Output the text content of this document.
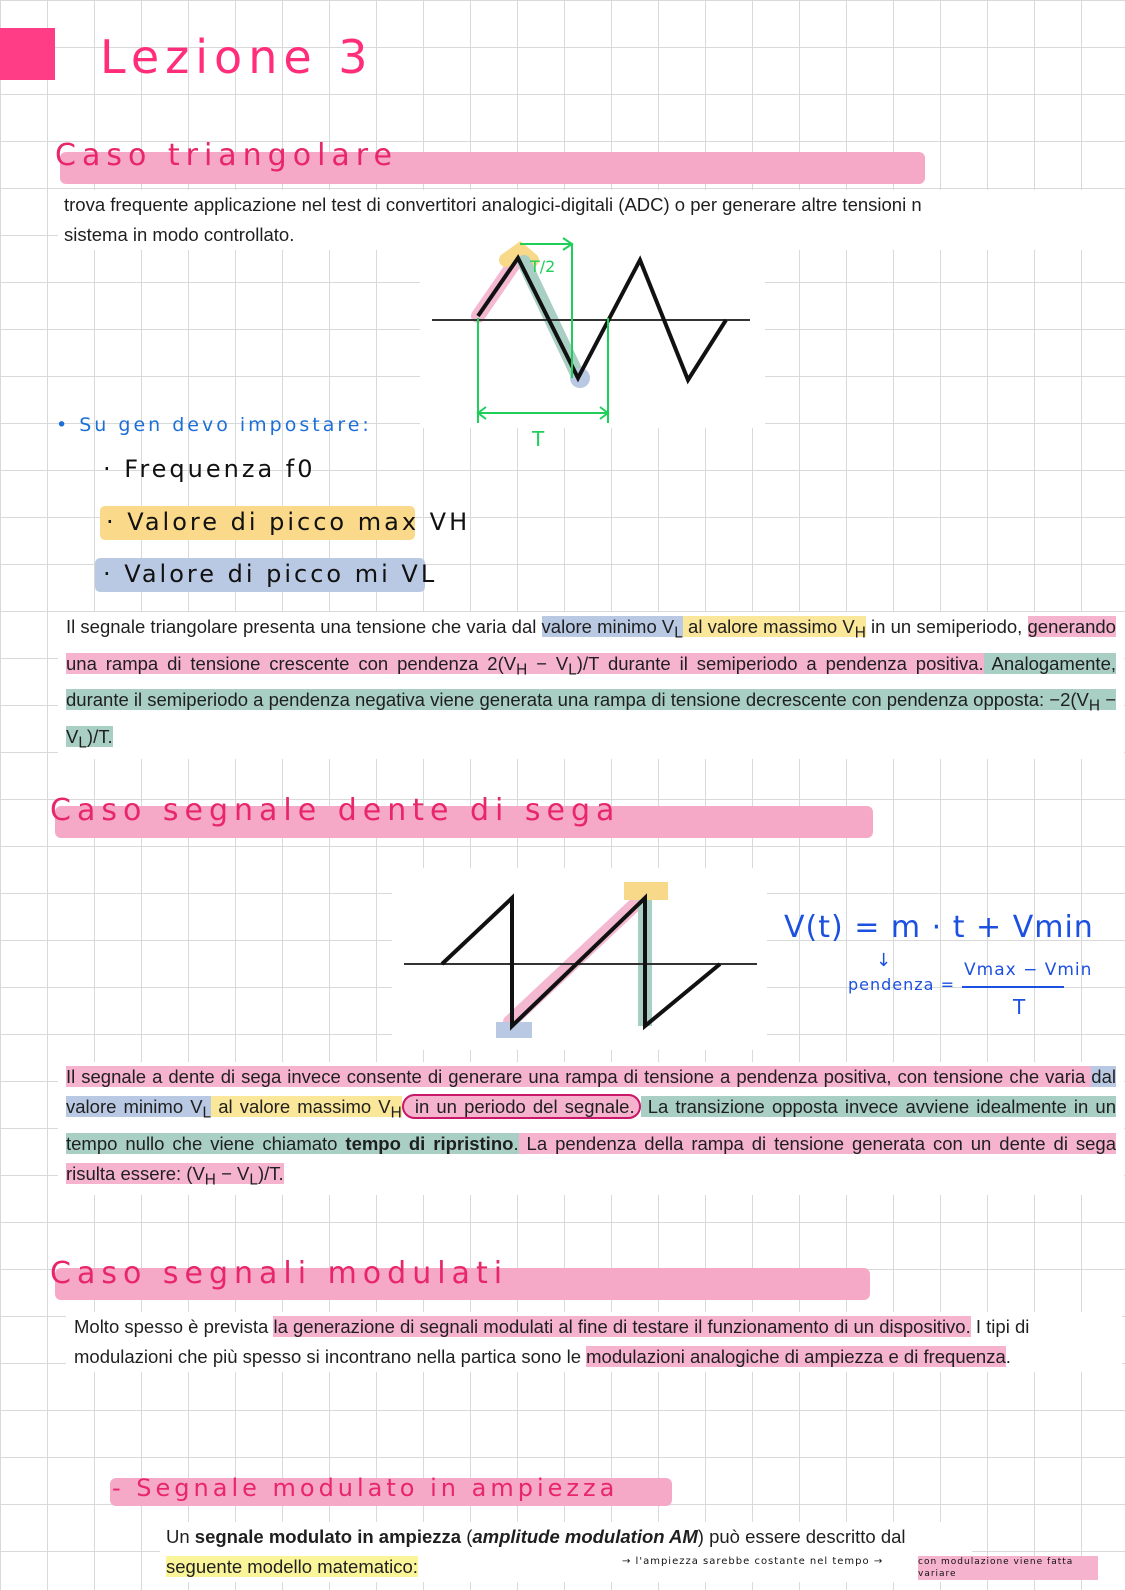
Lezione 3
Caso triangolare

trova frequente applicazione nel test di convertitori analogici-digitali (ADC) o per generare altre tensioni n

sistema in modo controllato.

T/2
T
• Su gen devo impostare:
· Frequenza f0
· Valore di picco max VH
· Valore di picco mi VL
Il segnale triangolare presenta una tensione che varia dal valore minimo $V_L$ al valore massimo $V_H$ in un semiperiodo, generando una rampa di tensione crescente con pendenza $2(V_H - V_L)/T$ durante il semiperiodo a pendenza positiva. Analogamente, durante il semiperiodo a pendenza negativa viene generata una rampa di tensione decrescente con pendenza opposta: $-2(V_H - V_L)/T$.
Caso segnale dente di sega
V(t) = m · t + Vmin
↓
pendenza =
Vmax − Vmin
T
Il segnale a dente di sega invece consente di generare una rampa di tensione a pendenza positiva, con tensione che varia dal valore minimo $V_L$ al valore massimo $V_H$ in un periodo del segnale. La transizione opposta invece avviene idealmente in un tempo nullo che viene chiamato tempo di ripristino. La pendenza della rampa di tensione generata con un dente di sega risulta essere: $(V_H - V_L)/T$.
Caso segnali modulati
Molto spesso è prevista la generazione di segnali modulati al fine di testare il funzionamento di un dispositivo. I tipi di modulazioni che più spesso si incontrano nella partica sono le modulazioni analogiche di ampiezza e di frequenza.
- Segnale modulato in ampiezza
Un segnale modulato in ampiezza (amplitude modulation AM) può essere descritto dal seguente modello matematico:	→ l'ampiezza sarebbe costante nel tempo →	con modulazione viene fatta variare
